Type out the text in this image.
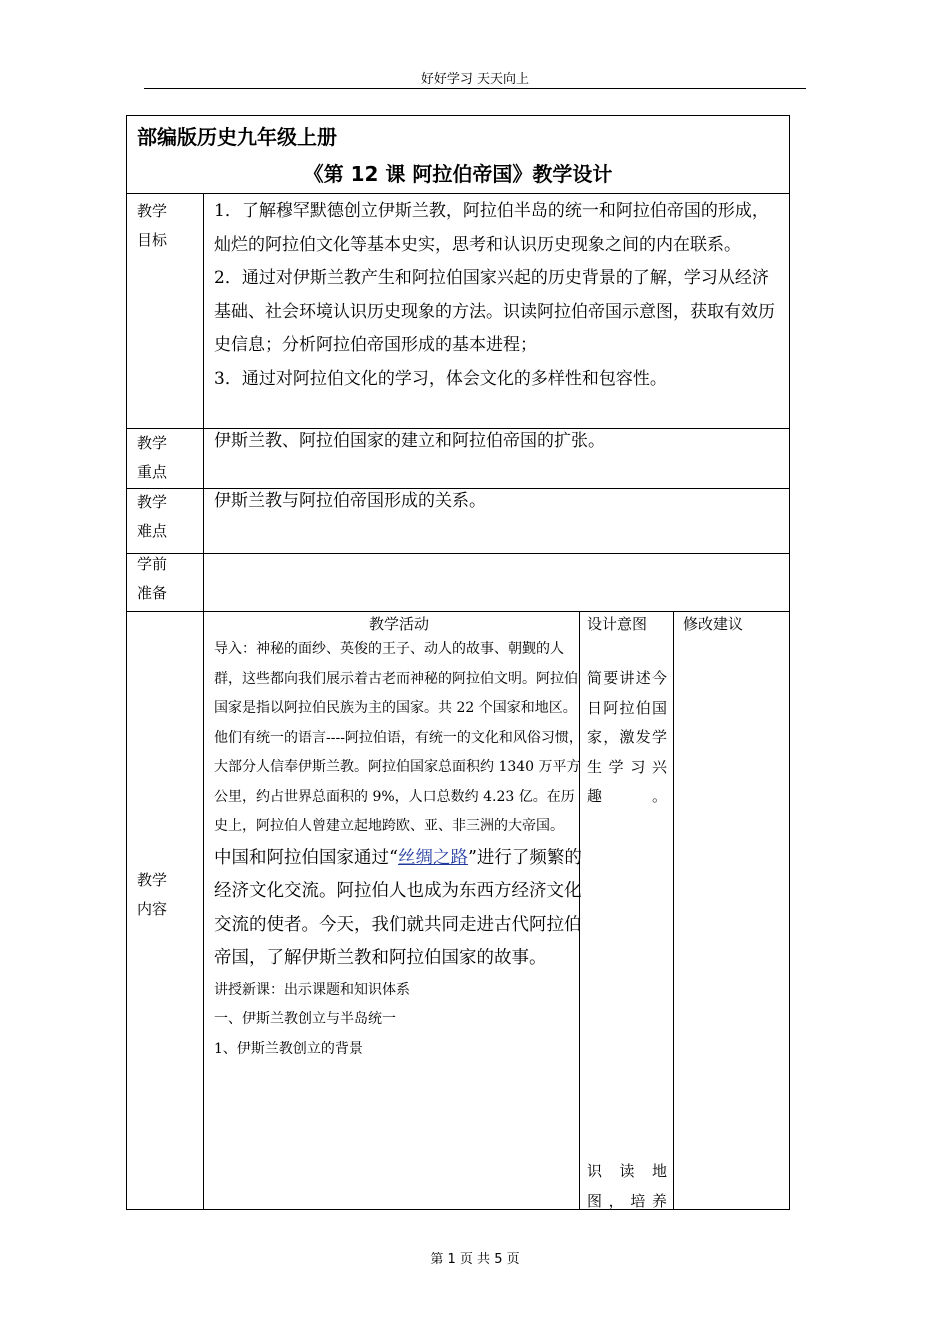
好好学习 天天向上
部编版历史九年级上册
《第 12 课 阿拉伯帝国》教学设计
教学
目标

1．了解穆罕默德创立伊斯兰教，阿拉伯半岛的统一和阿拉伯帝国的形成，灿烂的阿拉伯文化等基本史实，思考和认识历史现象之间的内在联系。

2．通过对伊斯兰教产生和阿拉伯国家兴起的历史背景的了解，学习从经济基础、社会环境认识历史现象的方法。识读阿拉伯帝国示意图，获取有效历史信息；分析阿拉伯帝国形成的基本进程；

3．通过对阿拉伯文化的学习，体会文化的多样性和包容性。

教学
重点
伊斯兰教、阿拉伯国家的建立和阿拉伯帝国的扩张。
教学
难点
伊斯兰教与阿拉伯帝国形成的关系。
学前
准备
教学
内容
教学活动	设计意图 修改建议

导入：神秘的面纱、英俊的王子、动人的故事、朝觐的人群，这些都向我们展示着古老而神秘的阿拉伯文明。阿拉伯国家是指以阿拉伯民族为主的国家。共 22 个国家和地区。他们有统一的语言----阿拉伯语，有统一的文化和风俗习惯，大部分人信奉伊斯兰教。阿拉伯国家总面积约 1340 万平方公里，约占世界总面积的 9%，人口总数约 4.23 亿。在历史上，阿拉伯人曾建立起地跨欧、亚、非三洲的大帝国。

中国和阿拉伯国家通过“丝绸之路”进行了频繁的经济文化交流。阿拉伯人也成为东西方经济文化交流的使者。今天，我们就共同走进古代阿拉伯帝国，了解伊斯兰教和阿拉伯国家的故事。

讲授新课：出示课题和知识体系

一、伊斯兰教创立与半岛统一

1、伊斯兰教创立的背景

简要讲述今日阿拉伯国家，激发学生学习兴趣。
识读地
图，培养
第 1 页 共 5 页
